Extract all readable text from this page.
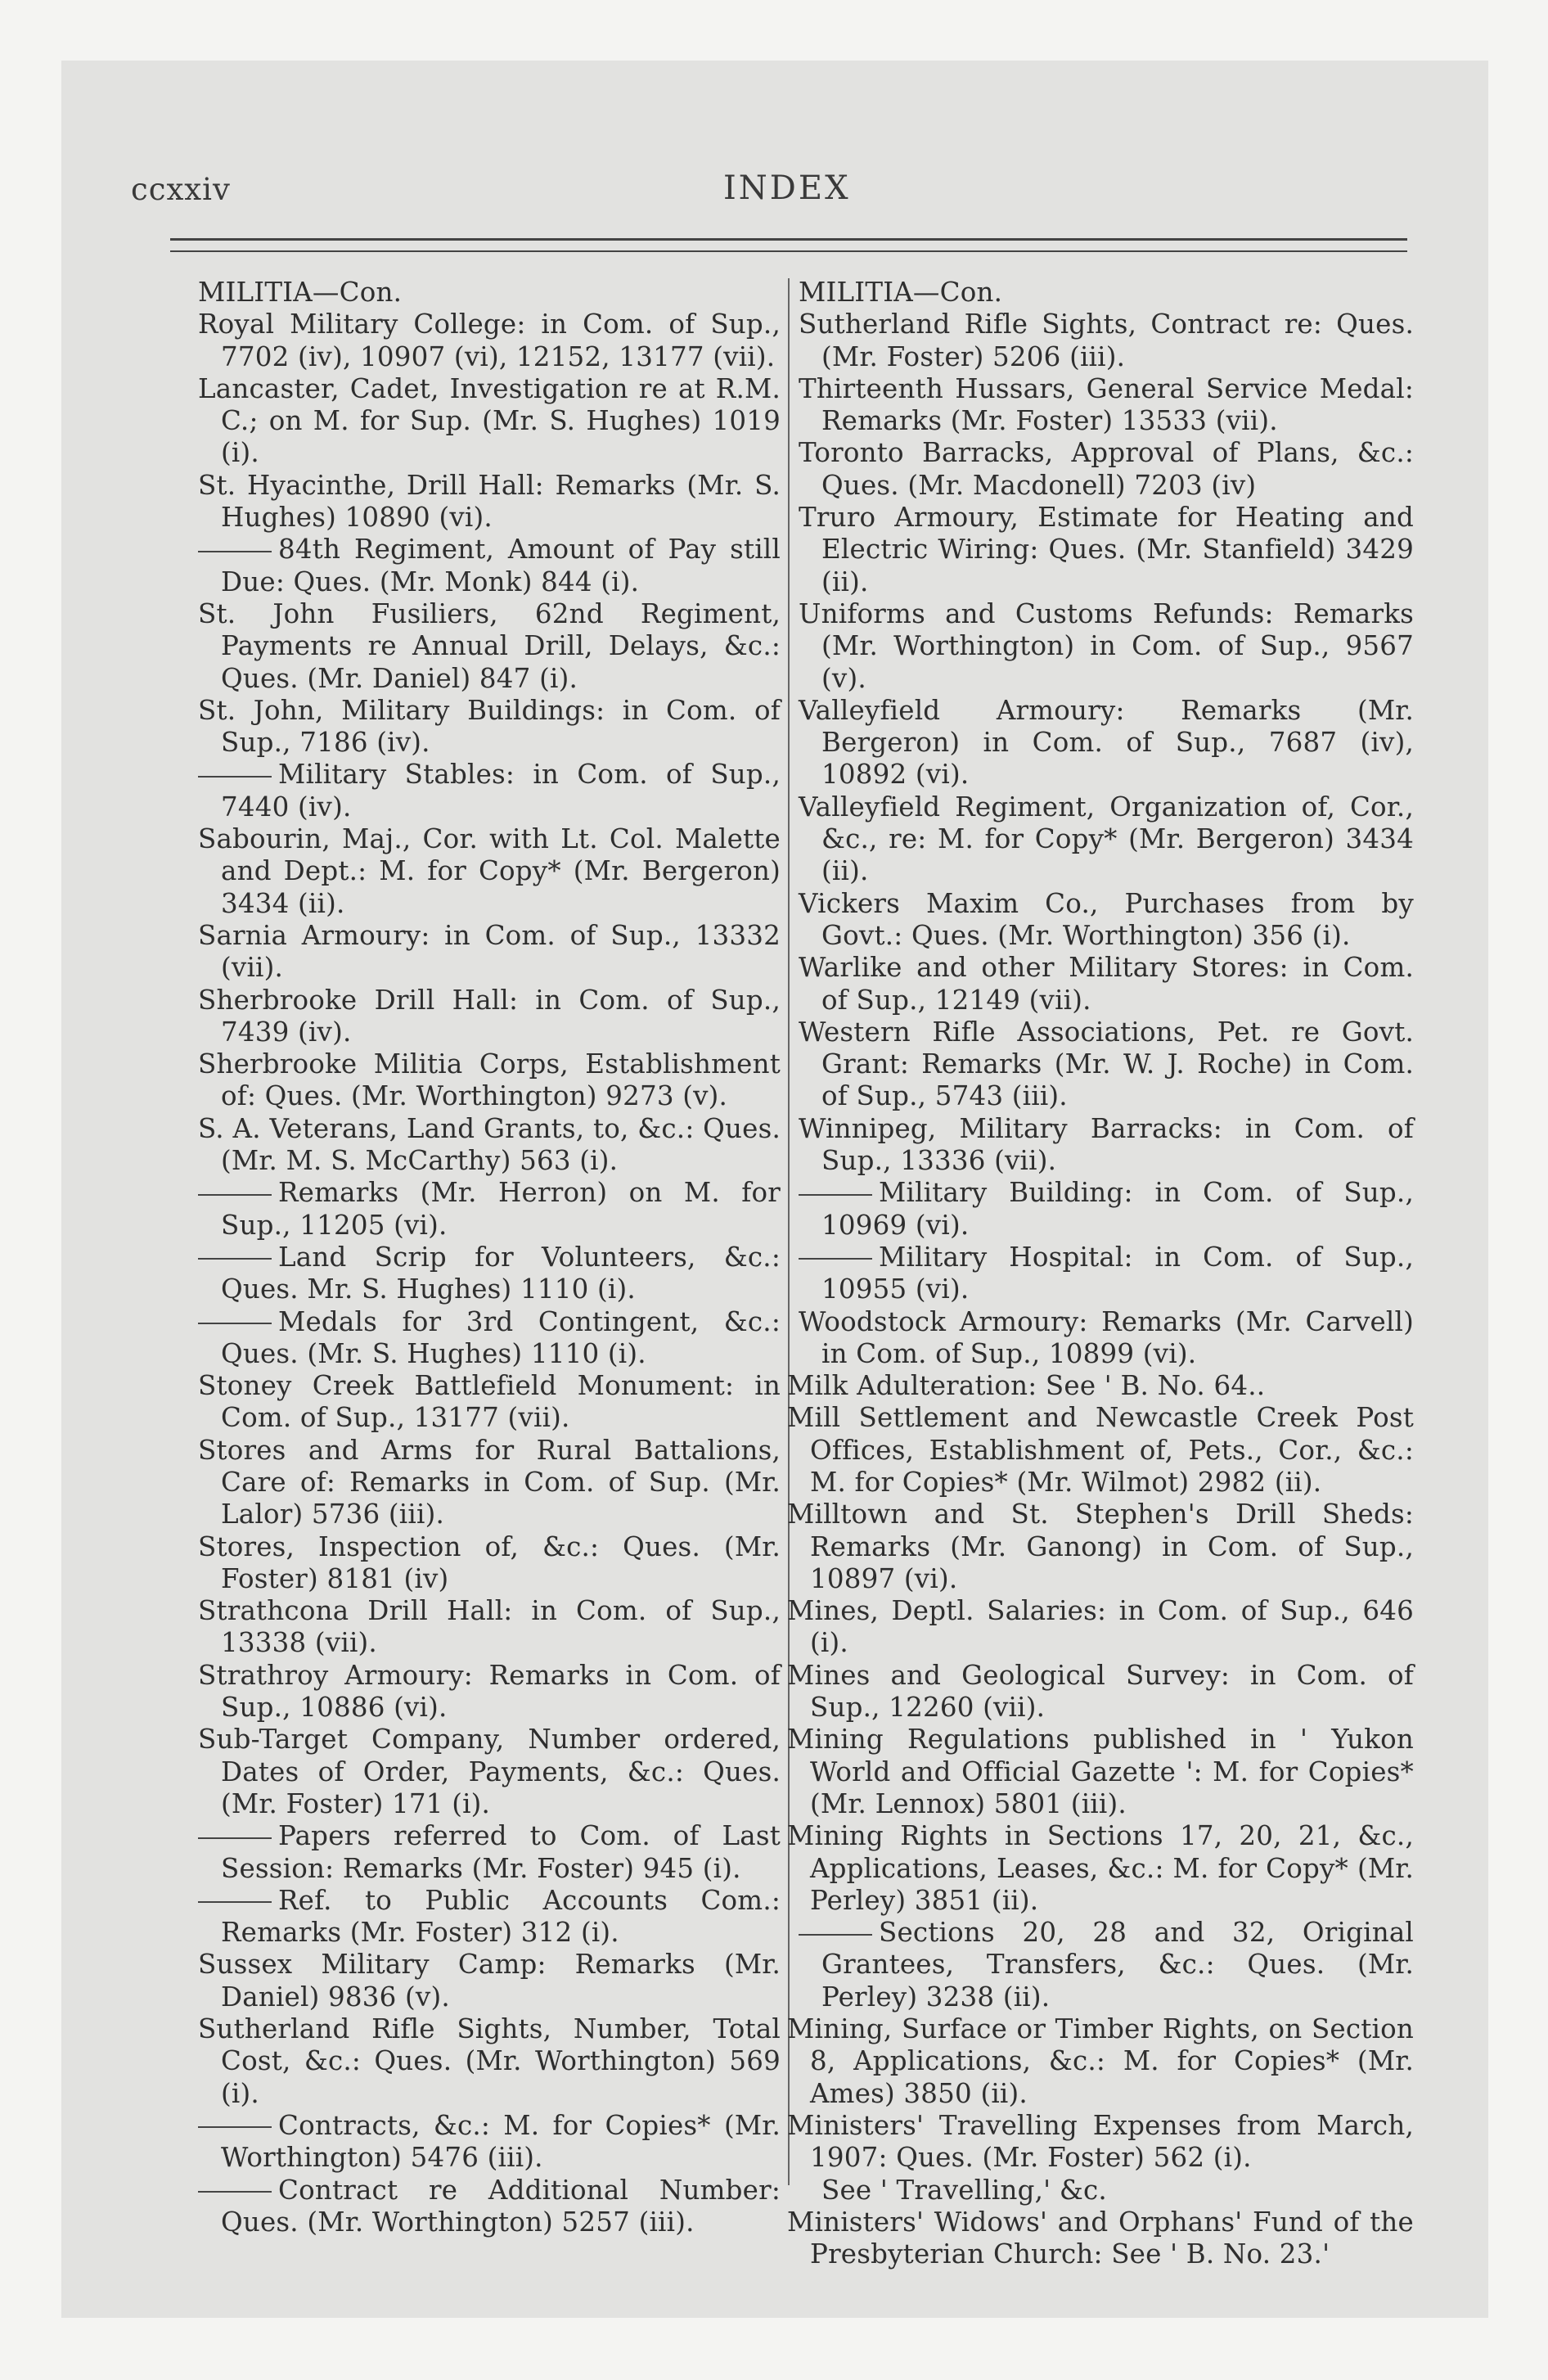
ccxxiv	INDEX
MILITIA—Con.
Royal Military College: in Com. of Sup., 7702 (iv), 10907 (vi), 12152, 13177 (vii).
Lancaster, Cadet, Investigation re at R.M. C.; on M. for Sup. (Mr. S. Hughes) 1019 (i).
St. Hyacinthe, Drill Hall: Remarks (Mr. S. Hughes) 10890 (vi).
84th Regiment, Amount of Pay still Due: Ques. (Mr. Monk) 844 (i).
St. John Fusiliers, 62nd Regiment, Payments re Annual Drill, Delays, &c.: Ques. (Mr. Daniel) 847 (i).
St. John, Military Buildings: in Com. of Sup., 7186 (iv).
Military Stables: in Com. of Sup., 7440 (iv).
Sabourin, Maj., Cor. with Lt. Col. Malette and Dept.: M. for Copy* (Mr. Bergeron) 3434 (ii).
Sarnia Armoury: in Com. of Sup., 13332 (vii).
Sherbrooke Drill Hall: in Com. of Sup., 7439 (iv).
Sherbrooke Militia Corps, Establishment of: Ques. (Mr. Worthington) 9273 (v).
S. A. Veterans, Land Grants, to, &c.: Ques. (Mr. M. S. McCarthy) 563 (i).
Remarks (Mr. Herron) on M. for Sup., 11205 (vi).
Land Scrip for Volunteers, &c.: Ques. Mr. S. Hughes) 1110 (i).
Medals for 3rd Contingent, &c.: Ques. (Mr. S. Hughes) 1110 (i).
Stoney Creek Battlefield Monument: in Com. of Sup., 13177 (vii).
Stores and Arms for Rural Battalions, Care of: Remarks in Com. of Sup. (Mr. Lalor) 5736 (iii).
Stores, Inspection of, &c.: Ques. (Mr. Foster) 8181 (iv)
Strathcona Drill Hall: in Com. of Sup., 13338 (vii).
Strathroy Armoury: Remarks in Com. of Sup., 10886 (vi).
Sub-Target Company, Number ordered, Dates of Order, Payments, &c.: Ques. (Mr. Foster) 171 (i).
Papers referred to Com. of Last Session: Remarks (Mr. Foster) 945 (i).
Ref. to Public Accounts Com.: Remarks (Mr. Foster) 312 (i).
Sussex Military Camp: Remarks (Mr. Daniel) 9836 (v).
Sutherland Rifle Sights, Number, Total Cost, &c.: Ques. (Mr. Worthington) 569 (i).
Contracts, &c.: M. for Copies* (Mr. Worthington) 5476 (iii).
Contract re Additional Number: Ques. (Mr. Worthington) 5257 (iii).
MILITIA—Con.
Sutherland Rifle Sights, Contract re: Ques. (Mr. Foster) 5206 (iii).
Thirteenth Hussars, General Service Medal: Remarks (Mr. Foster) 13533 (vii).
Toronto Barracks, Approval of Plans, &c.: Ques. (Mr. Macdonell) 7203 (iv)
Truro Armoury, Estimate for Heating and Electric Wiring: Ques. (Mr. Stanfield) 3429 (ii).
Uniforms and Customs Refunds: Remarks (Mr. Worthington) in Com. of Sup., 9567 (v).
Valleyfield Armoury: Remarks (Mr. Bergeron) in Com. of Sup., 7687 (iv), 10892 (vi).
Valleyfield Regiment, Organization of, Cor., &c., re: M. for Copy* (Mr. Bergeron) 3434 (ii).
Vickers Maxim Co., Purchases from by Govt.: Ques. (Mr. Worthington) 356 (i).
Warlike and other Military Stores: in Com. of Sup., 12149 (vii).
Western Rifle Associations, Pet. re Govt. Grant: Remarks (Mr. W. J. Roche) in Com. of Sup., 5743 (iii).
Winnipeg, Military Barracks: in Com. of Sup., 13336 (vii).
Military Building: in Com. of Sup., 10969 (vi).
Military Hospital: in Com. of Sup., 10955 (vi).
Woodstock Armoury: Remarks (Mr. Carvell) in Com. of Sup., 10899 (vi).
Milk Adulteration: See ' B. No. 64..
Mill Settlement and Newcastle Creek Post Offices, Establishment of, Pets., Cor., &c.: M. for Copies* (Mr. Wilmot) 2982 (ii).
Milltown and St. Stephen's Drill Sheds: Remarks (Mr. Ganong) in Com. of Sup., 10897 (vi).
Mines, Deptl. Salaries: in Com. of Sup., 646 (i).
Mines and Geological Survey: in Com. of Sup., 12260 (vii).
Mining Regulations published in ' Yukon World and Official Gazette ': M. for Copies* (Mr. Lennox) 5801 (iii).
Mining Rights in Sections 17, 20, 21, &c., Applications, Leases, &c.: M. for Copy* (Mr. Perley) 3851 (ii).
Sections 20, 28 and 32, Original Grantees, Transfers, &c.: Ques. (Mr. Perley) 3238 (ii).
Mining, Surface or Timber Rights, on Section 8, Applications, &c.: M. for Copies* (Mr. Ames) 3850 (ii).
Ministers' Travelling Expenses from March, 1907: Ques. (Mr. Foster) 562 (i).
See ' Travelling,' &c.
Ministers' Widows' and Orphans' Fund of the Presbyterian Church: See ' B. No. 23.'
